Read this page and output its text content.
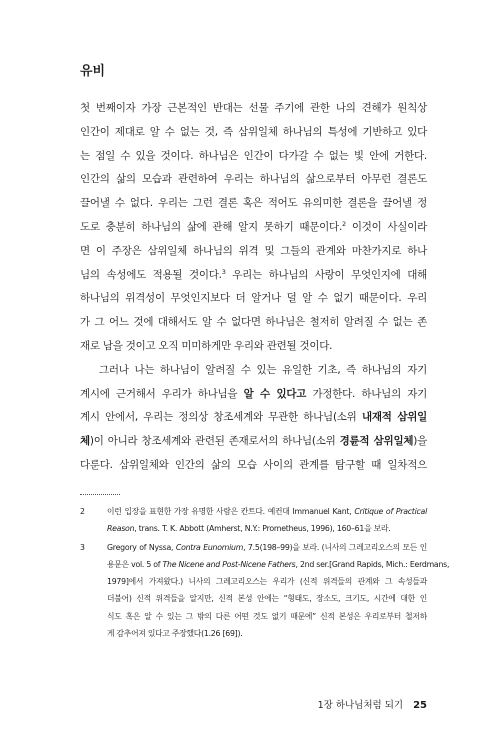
유비
첫 번째이자 가장 근본적인 반대는 선물 주기에 관한 나의 견해가 원칙상
인간이 제대로 알 수 없는 것, 즉 삼위일체 하나님의 특성에 기반하고 있다
는 점일 수 있을 것이다. 하나님은 인간이 다가갈 수 없는 빛 안에 거한다.
인간의 삶의 모습과 관련하여 우리는 하나님의 삶으로부터 아무런 결론도
끌어낼 수 없다. 우리는 그런 결론 혹은 적어도 유의미한 결론을 끌어낼 정
도로 충분히 하나님의 삶에 관해 알지 못하기 때문이다.$^2$ 이것이 사실이라
면 이 주장은 삼위일체 하나님의 위격 및 그들의 관계와 마찬가지로 하나
님의 속성에도 적용될 것이다.$^3$ 우리는 하나님의 사랑이 무엇인지에 대해
하나님의 위격성이 무엇인지보다 더 알거나 덜 알 수 없기 때문이다. 우리
가 그 어느 것에 대해서도 알 수 없다면 하나님은 철저히 알려질 수 없는 존
재로 남을 것이고 오직 미미하게만 우리와 관련될 것이다.
그러나 나는 하나님이 알려질 수 있는 유일한 기초, 즉 하나님의 자기
계시에 근거해서 우리가 하나님을 알 수 있다고 가정한다. 하나님의 자기
계시 안에서, 우리는 정의상 창조세계와 무관한 하나님(소위 내재적 삼위일
체)이 아니라 창조세계와 관련된 존재로서의 하나님(소위 경륜적 삼위일체)을
다룬다. 삼위일체와 인간의 삶의 모습 사이의 관계를 탐구할 때 일차적으
2	이런 입장을 표현한 가장 유명한 사람은 칸트다. 예컨대 Immanuel Kant, Critique of Practical
Reason, trans. T. K. Abbott (Amherst, N.Y.: Prometheus, 1996), 160–61을 보라.
3	Gregory of Nyssa, Contra Eunomium, 7.5(198–99)을 보라. (니사의 그레고리오스의 모든 인
용문은 vol. 5 of The Nicene and Post-Nicene Fathers, 2nd ser.[Grand Rapids, Mich.: Eerdmans,
1979]에서 가져왔다.) 니사의 그레고리오스는 우리가 (신적 위격들의 관계와 그 속성들과
더불어) 신적 위격들을 알지만, 신적 본성 안에는 “형태도, 장소도, 크기도, 시간에 대한 인
식도 혹은 알 수 있는 그 밖의 다른 어떤 것도 없기 때문에” 신적 본성은 우리로부터 철저하
게 감추어져 있다고 주장했다(1.26 [69]).
1장 하나님처럼 되기 25
